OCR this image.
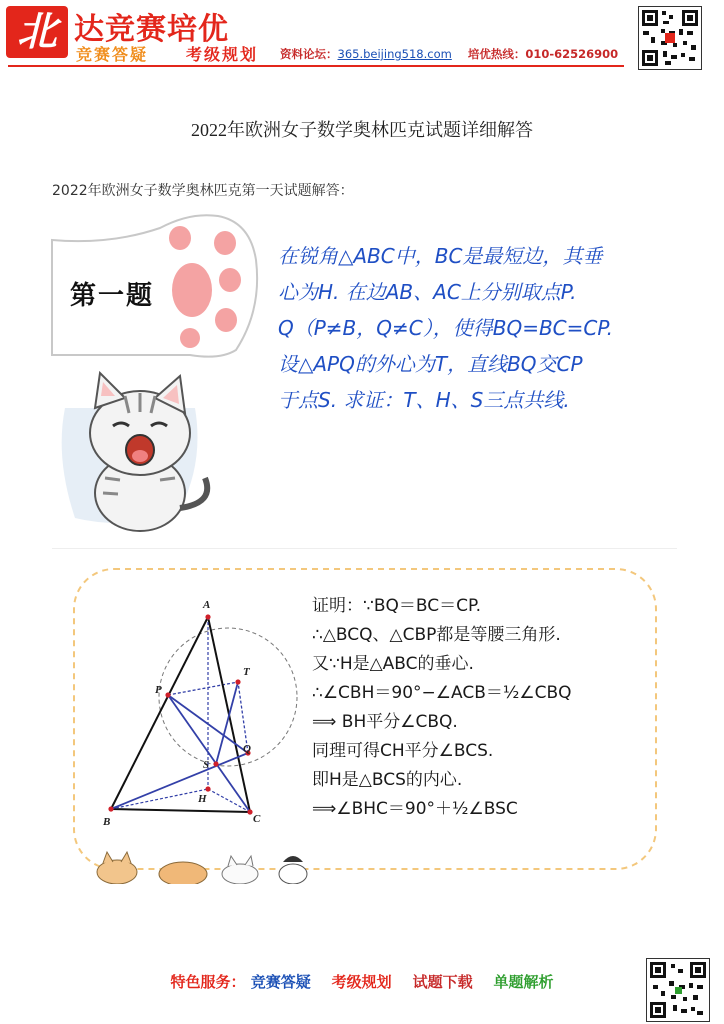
北 达竞赛培优
竞赛答疑 考级规划 资料论坛：365.beijing518.com 培优热线：010-62526900
2022年欧洲女子数学奥林匹克试题详细解答
2022年欧洲女子数学奥林匹克第一天试题解答：
第一题
在锐角△ABC中，BC是最短边，其垂
心为H. 在边AB、AC上分别取点P.
Q（P≠B，Q≠C），使得BQ=BC=CP.
设△APQ的外心为T，直线BQ交CP
于点S. 求证：T、H、S三点共线.
A
B	C
P
Q
T
S
H
证明：∵BQ＝BC＝CP.
∴△BCQ、△CBP都是等腰三角形.
又∵H是△ABC的垂心.
∴∠CBH＝90°−∠ACB＝½∠CBQ
⟹ BH平分∠CBQ.
同理可得CH平分∠BCS.
即H是△BCS的内心.
⟹∠BHC＝90°＋½∠BSC
特色服务： 竞赛答疑 考级规划 试题下载 单题解析
